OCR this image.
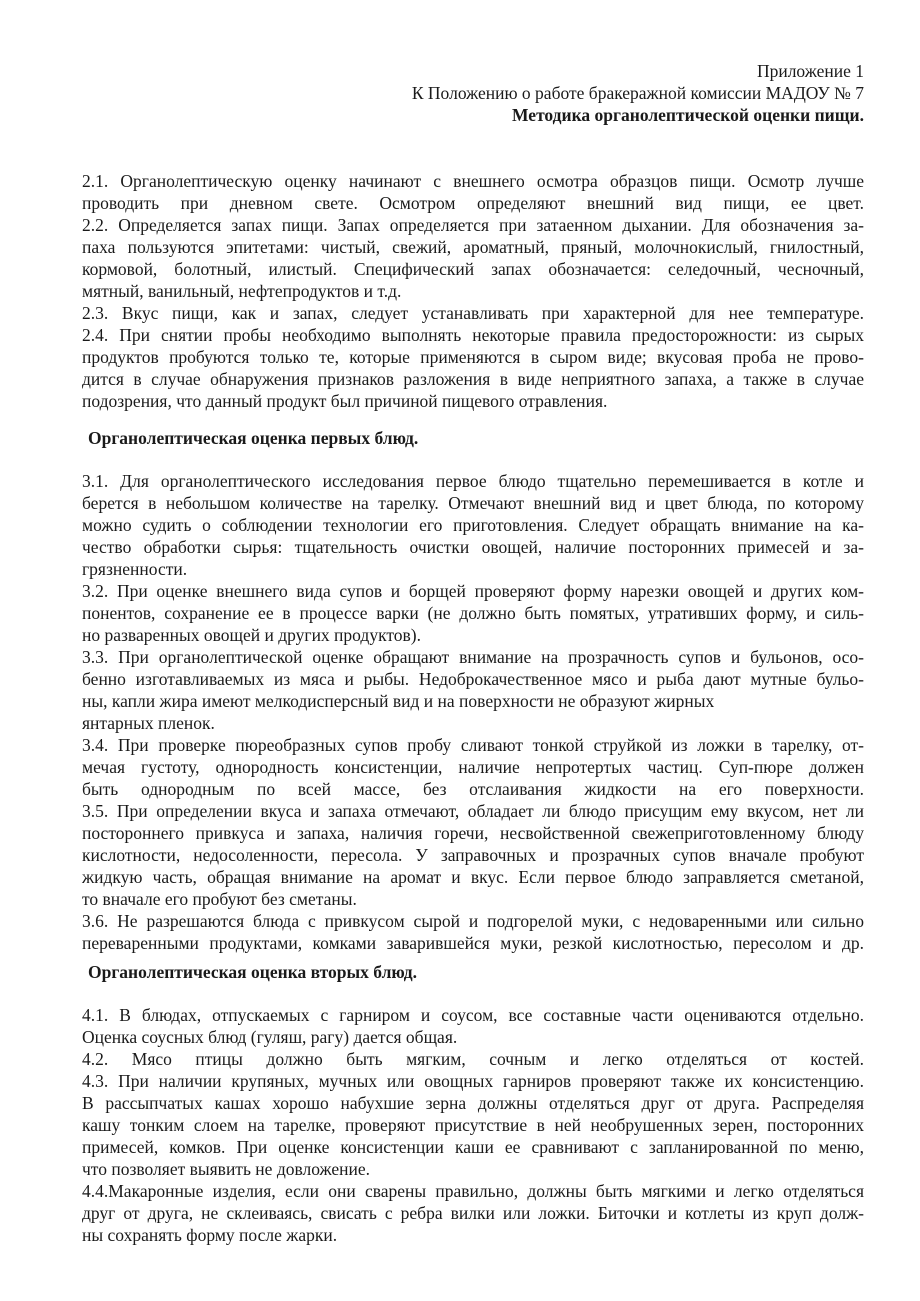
Приложение 1
К Положению о работе бракеражной комиссии МАДОУ № 7
Методика органолептической оценки пищи.
2.1. Органолептическую оценку начинают с внешнего осмотра образцов пищи. Осмотр лучше
проводить при дневном свете. Осмотром определяют внешний вид пищи, ее цвет.
2.2. Определяется запах пищи. Запах определяется при затаенном дыхании. Для обозначения за-
паха пользуются эпитетами: чистый, свежий, ароматный, пряный, молочнокислый, гнилостный,
кормовой, болотный, илистый. Специфический запах обозначается: селедочный, чесночный,
мятный, ванильный, нефтепродуктов и т.д.
2.3. Вкус пищи, как и запах, следует устанавливать при характерной для нее температуре.
2.4. При снятии пробы необходимо выполнять некоторые правила предосторожности: из сырых
продуктов пробуются только те, которые применяются в сыром виде; вкусовая проба не прово-
дится в случае обнаружения признаков разложения в виде неприятного запаха, а также в случае
подозрения, что данный продукт был причиной пищевого отравления.
Органолептическая оценка первых блюд.
3.1. Для органолептического исследования первое блюдо тщательно перемешивается в котле и
берется в небольшом количестве на тарелку. Отмечают внешний вид и цвет блюда, по которому
можно судить о соблюдении технологии его приготовления. Следует обращать внимание на ка-
чество обработки сырья: тщательность очистки овощей, наличие посторонних примесей и за-
грязненности.
3.2. При оценке внешнего вида супов и борщей проверяют форму нарезки овощей и других ком-
понентов, сохранение ее в процессе варки (не должно быть помятых, утративших форму, и силь-
но разваренных овощей и других продуктов).
3.3. При органолептической оценке обращают внимание на прозрачность супов и бульонов, осо-
бенно изготавливаемых из мяса и рыбы. Недоброкачественное мясо и рыба дают мутные бульо-
ны, капли жира имеют мелкодисперсный вид и на поверхности не образуют жирных
янтарных пленок.
3.4. При проверке пюреобразных супов пробу сливают тонкой струйкой из ложки в тарелку, от-
мечая густоту, однородность консистенции, наличие непротертых частиц. Суп-пюре должен
быть однородным по всей массе, без отслаивания жидкости на его поверхности.
3.5. При определении вкуса и запаха отмечают, обладает ли блюдо присущим ему вкусом, нет ли
постороннего привкуса и запаха, наличия горечи, несвойственной свежеприготовленному блюду
кислотности, недосоленности, пересола. У заправочных и прозрачных супов вначале пробуют
жидкую часть, обращая внимание на аромат и вкус. Если первое блюдо заправляется сметаной,
то вначале его пробуют без сметаны.
3.6. Не разрешаются блюда с привкусом сырой и подгорелой муки, с недоваренными или сильно
переваренными продуктами, комками заварившейся муки, резкой кислотностью, пересолом и др.
Органолептическая оценка вторых блюд.
4.1. В блюдах, отпускаемых с гарниром и соусом, все составные части оцениваются отдельно.
Оценка соусных блюд (гуляш, рагу) дается общая.
4.2. Мясо птицы должно быть мягким, сочным и легко отделяться от костей.
4.3. При наличии крупяных, мучных или овощных гарниров проверяют также их консистенцию.
В рассыпчатых кашах хорошо набухшие зерна должны отделяться друг от друга. Распределяя
кашу тонким слоем на тарелке, проверяют присутствие в ней необрушенных зерен, посторонних
примесей, комков. При оценке консистенции каши ее сравнивают с запланированной по меню,
что позволяет выявить не довложение.
4.4.Макаронные изделия, если они сварены правильно, должны быть мягкими и легко отделяться
друг от друга, не склеиваясь, свисать с ребра вилки или ложки. Биточки и котлеты из круп долж-
ны сохранять форму после жарки.
